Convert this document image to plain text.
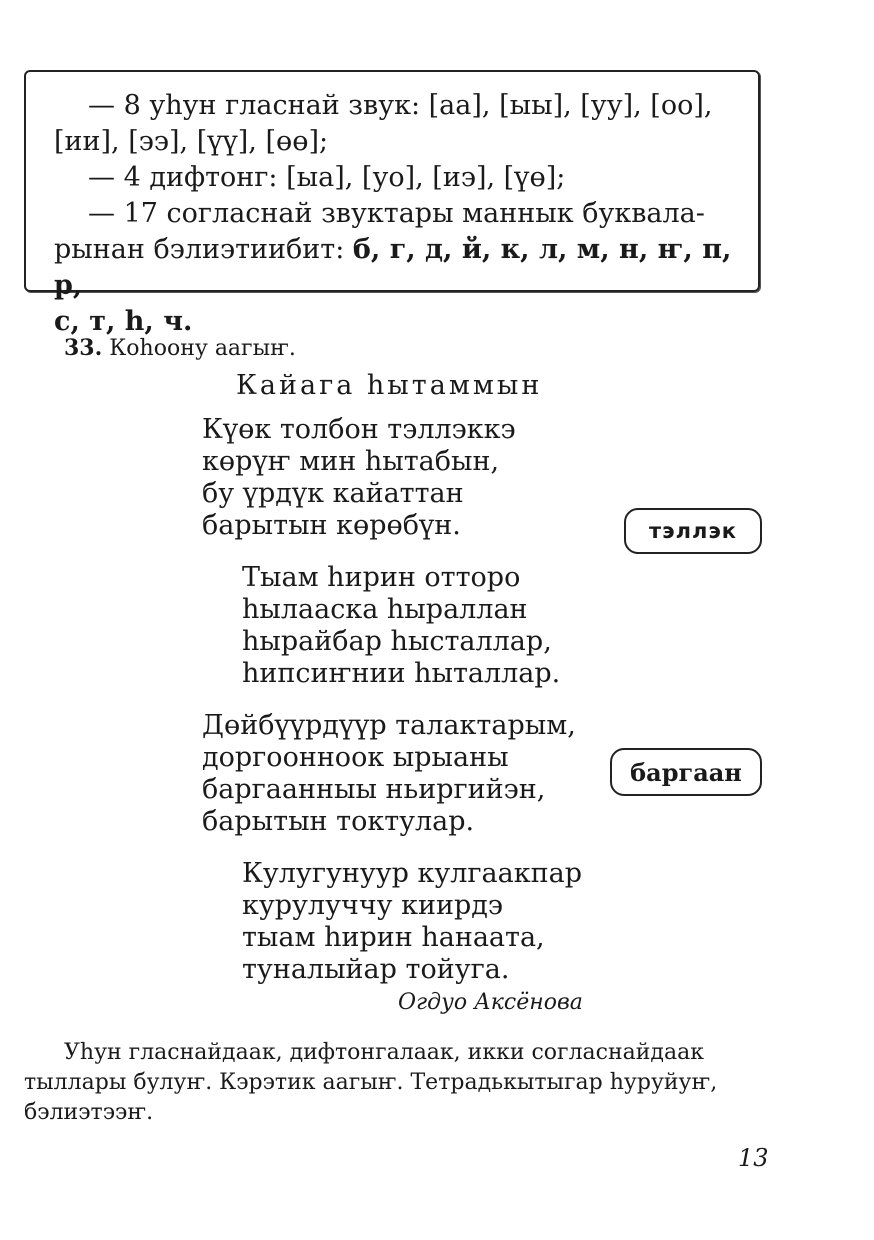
— 8 уһун гласнай звук: [аа], [ыы], [уу], [оо],

[ии], [ээ], [үү], [өө];

— 4 дифтонг: [ыа], [уо], [иэ], [үө];

— 17 согласнай звуктары маннык буквала-

рынан бэлиэтиибит: б, г, д, й, к, л, м, н, ҥ, п, р,

с, т, һ, ч.

33. Коһоону аагыҥ.
Кайага һытаммын
Күөк толбон тэллэккэ
көрүҥ мин һытабын,
бу үрдүк кайаттан
барытын көрөбүн.
Тыам һирин отторо
һылааска һыраллан
һырайбар һысталлар,
һипсиҥнии һыталлар.
Дөйбүүрдүүр талактарым,
доргоонноок ырыаны
баргаанныы ньиргийэн,
барытын токтулар.
Кулугунуур кулгаакпар
курулуччу киирдэ
тыам һирин һанаата,
туналыйар тойуга.
Огдуо Аксёнова
тэллэк
баргаан

Уһун гласнайдаак, дифтонгалаак, икки согласнайдаак тыллары булуҥ. Кэрэтик аагыҥ. Тетрадькытыгар һуруйуҥ, бэлиэтээҥ.

13
